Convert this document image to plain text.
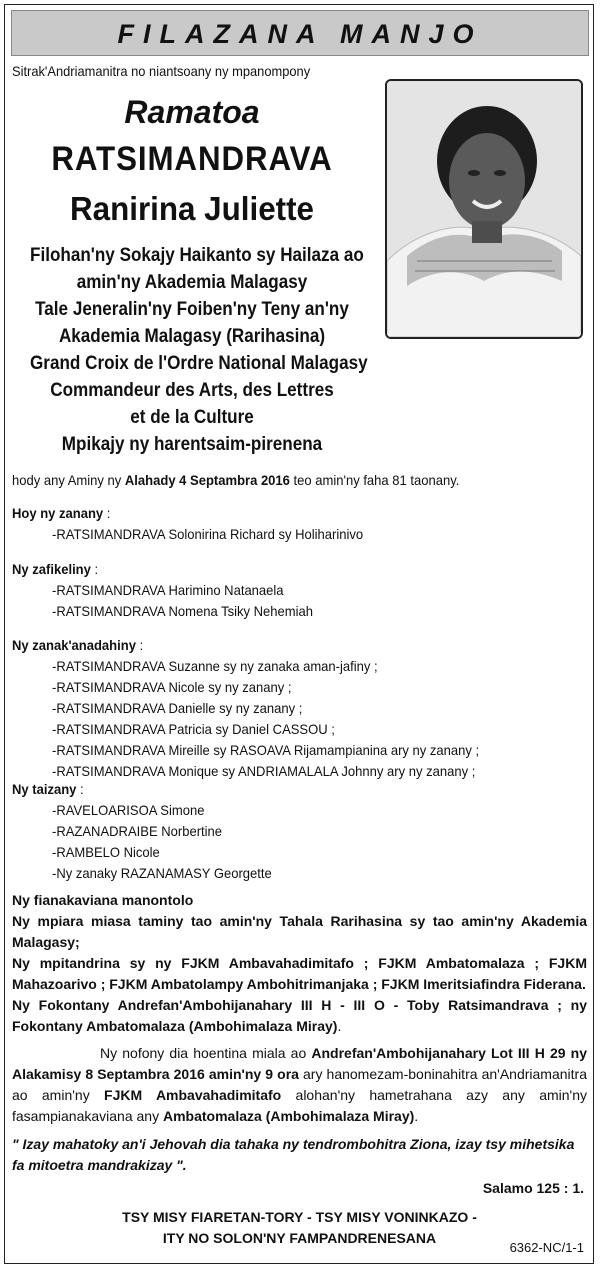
FILAZANA MANJO
Sitrak'Andriamanitra no niantsoany ny mpanompony
Ramatoa
RATSIMANDRAVA
Ranirina Juliette
Filohan'ny Sokajy Haikanto sy Hailaza ao
amin'ny Akademia Malagasy
Tale Jeneralin'ny Foiben'ny Teny an'ny
Akademia Malagasy (Rarihasina)
Grand Croix de l'Ordre National Malagasy
Commandeur des Arts, des Lettres
et de la Culture
Mpikajy ny harentsaim-pirenena
hody any Aminy ny Alahady 4 Septambra 2016 teo amin'ny faha 81 taonany.
Hoy ny zanany :
-RATSIMANDRAVA Solonirina Richard sy Holiharinivo
Ny zafikeliny :
-RATSIMANDRAVA Harimino Natanaela
-RATSIMANDRAVA Nomena Tsiky Nehemiah
Ny zanak'anadahiny :
-RATSIMANDRAVA Suzanne sy ny zanaka aman-jafiny ;
-RATSIMANDRAVA Nicole sy ny zanany ;
-RATSIMANDRAVA Danielle sy ny zanany ;
-RATSIMANDRAVA Patricia sy Daniel CASSOU ;
-RATSIMANDRAVA Mireille sy RASOAVA Rijamampianina ary ny zanany ;
-RATSIMANDRAVA Monique sy ANDRIAMALALA Johnny ary ny zanany ;
Ny taizany :
-RAVELOARISOA Simone
-RAZANADRAIBE Norbertine
-RAMBELO Nicole
-Ny zanaky RAZANAMASY Georgette
Ny fianakaviana manontolo
Ny mpiara miasa taminy tao amin'ny Tahala Rarihasina sy tao amin'ny Akademia Malagasy;
Ny mpitandrina sy ny FJKM Ambavahadimitafo ; FJKM Ambatomalaza ; FJKM Mahazoarivo ; FJKM Ambatolampy Ambohitrimanjaka ; FJKM Imeritsiafindra Fiderana.
Ny Fokontany Andrefan'Ambohijanahary III H - III O - Toby Ratsimandrava ; ny Fokontany Ambatomalaza (Ambohimalaza Miray).
Ny nofony dia hoentina miala ao Andrefan'Ambohijanahary Lot III H 29 ny Alakamisy 8 Septambra 2016 amin'ny 9 ora ary hanomezam-boninahitra an'Andriamanitra ao amin'ny FJKM Ambavahadimitafo alohan'ny hametrahana azy any amin'ny fasampianakaviana any Ambatomalaza (Ambohimalaza Miray).
" Izay mahatoky an'i Jehovah dia tahaka ny tendrombohitra Ziona, izay tsy mihetsika fa mitoetra mandrakizay ".
Salamo 125 : 1.
TSY MISY FIARETAN-TORY - TSY MISY VONINKAZO -
ITY NO SOLON'NY FAMPANDRENESANA
6362-NC/1-1
